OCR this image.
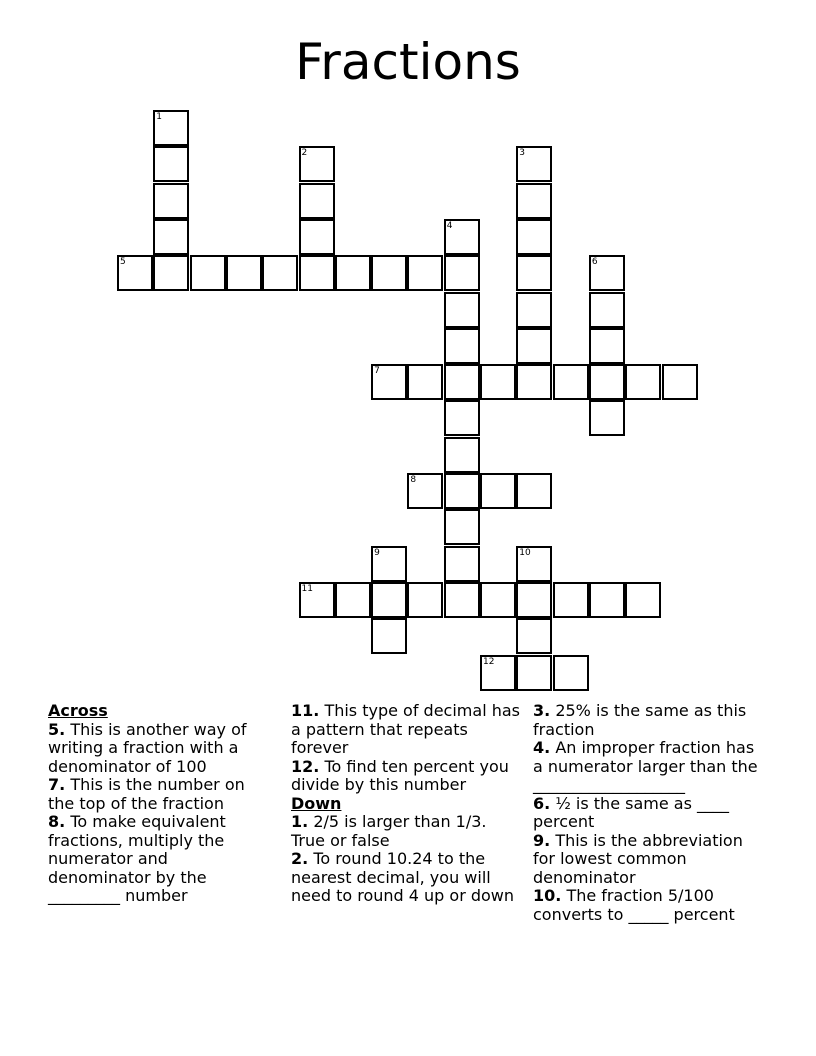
Fractions
1
2	3
4
5	6
7
8
9	10
11
12
Across

5. This is another way of writing a fraction with a denominator of 100

7. This is the number on the top of the fraction

8. To make equivalent fractions, multiply the numerator and denominator by the _________ number

11. This type of decimal has a pattern that repeats forever

12. To find ten percent you divide by this number

Down

1. 2/5 is larger than 1/3. True or false

2. To round 10.24 to the nearest decimal, you will need to round 4 up or down

3. 25% is the same as this fraction

4. An improper fraction has a numerator larger than the ___________________

6. ½ is the same as ____ percent

9. This is the abbreviation for lowest common denominator

10. The fraction 5/100 converts to _____ percent
